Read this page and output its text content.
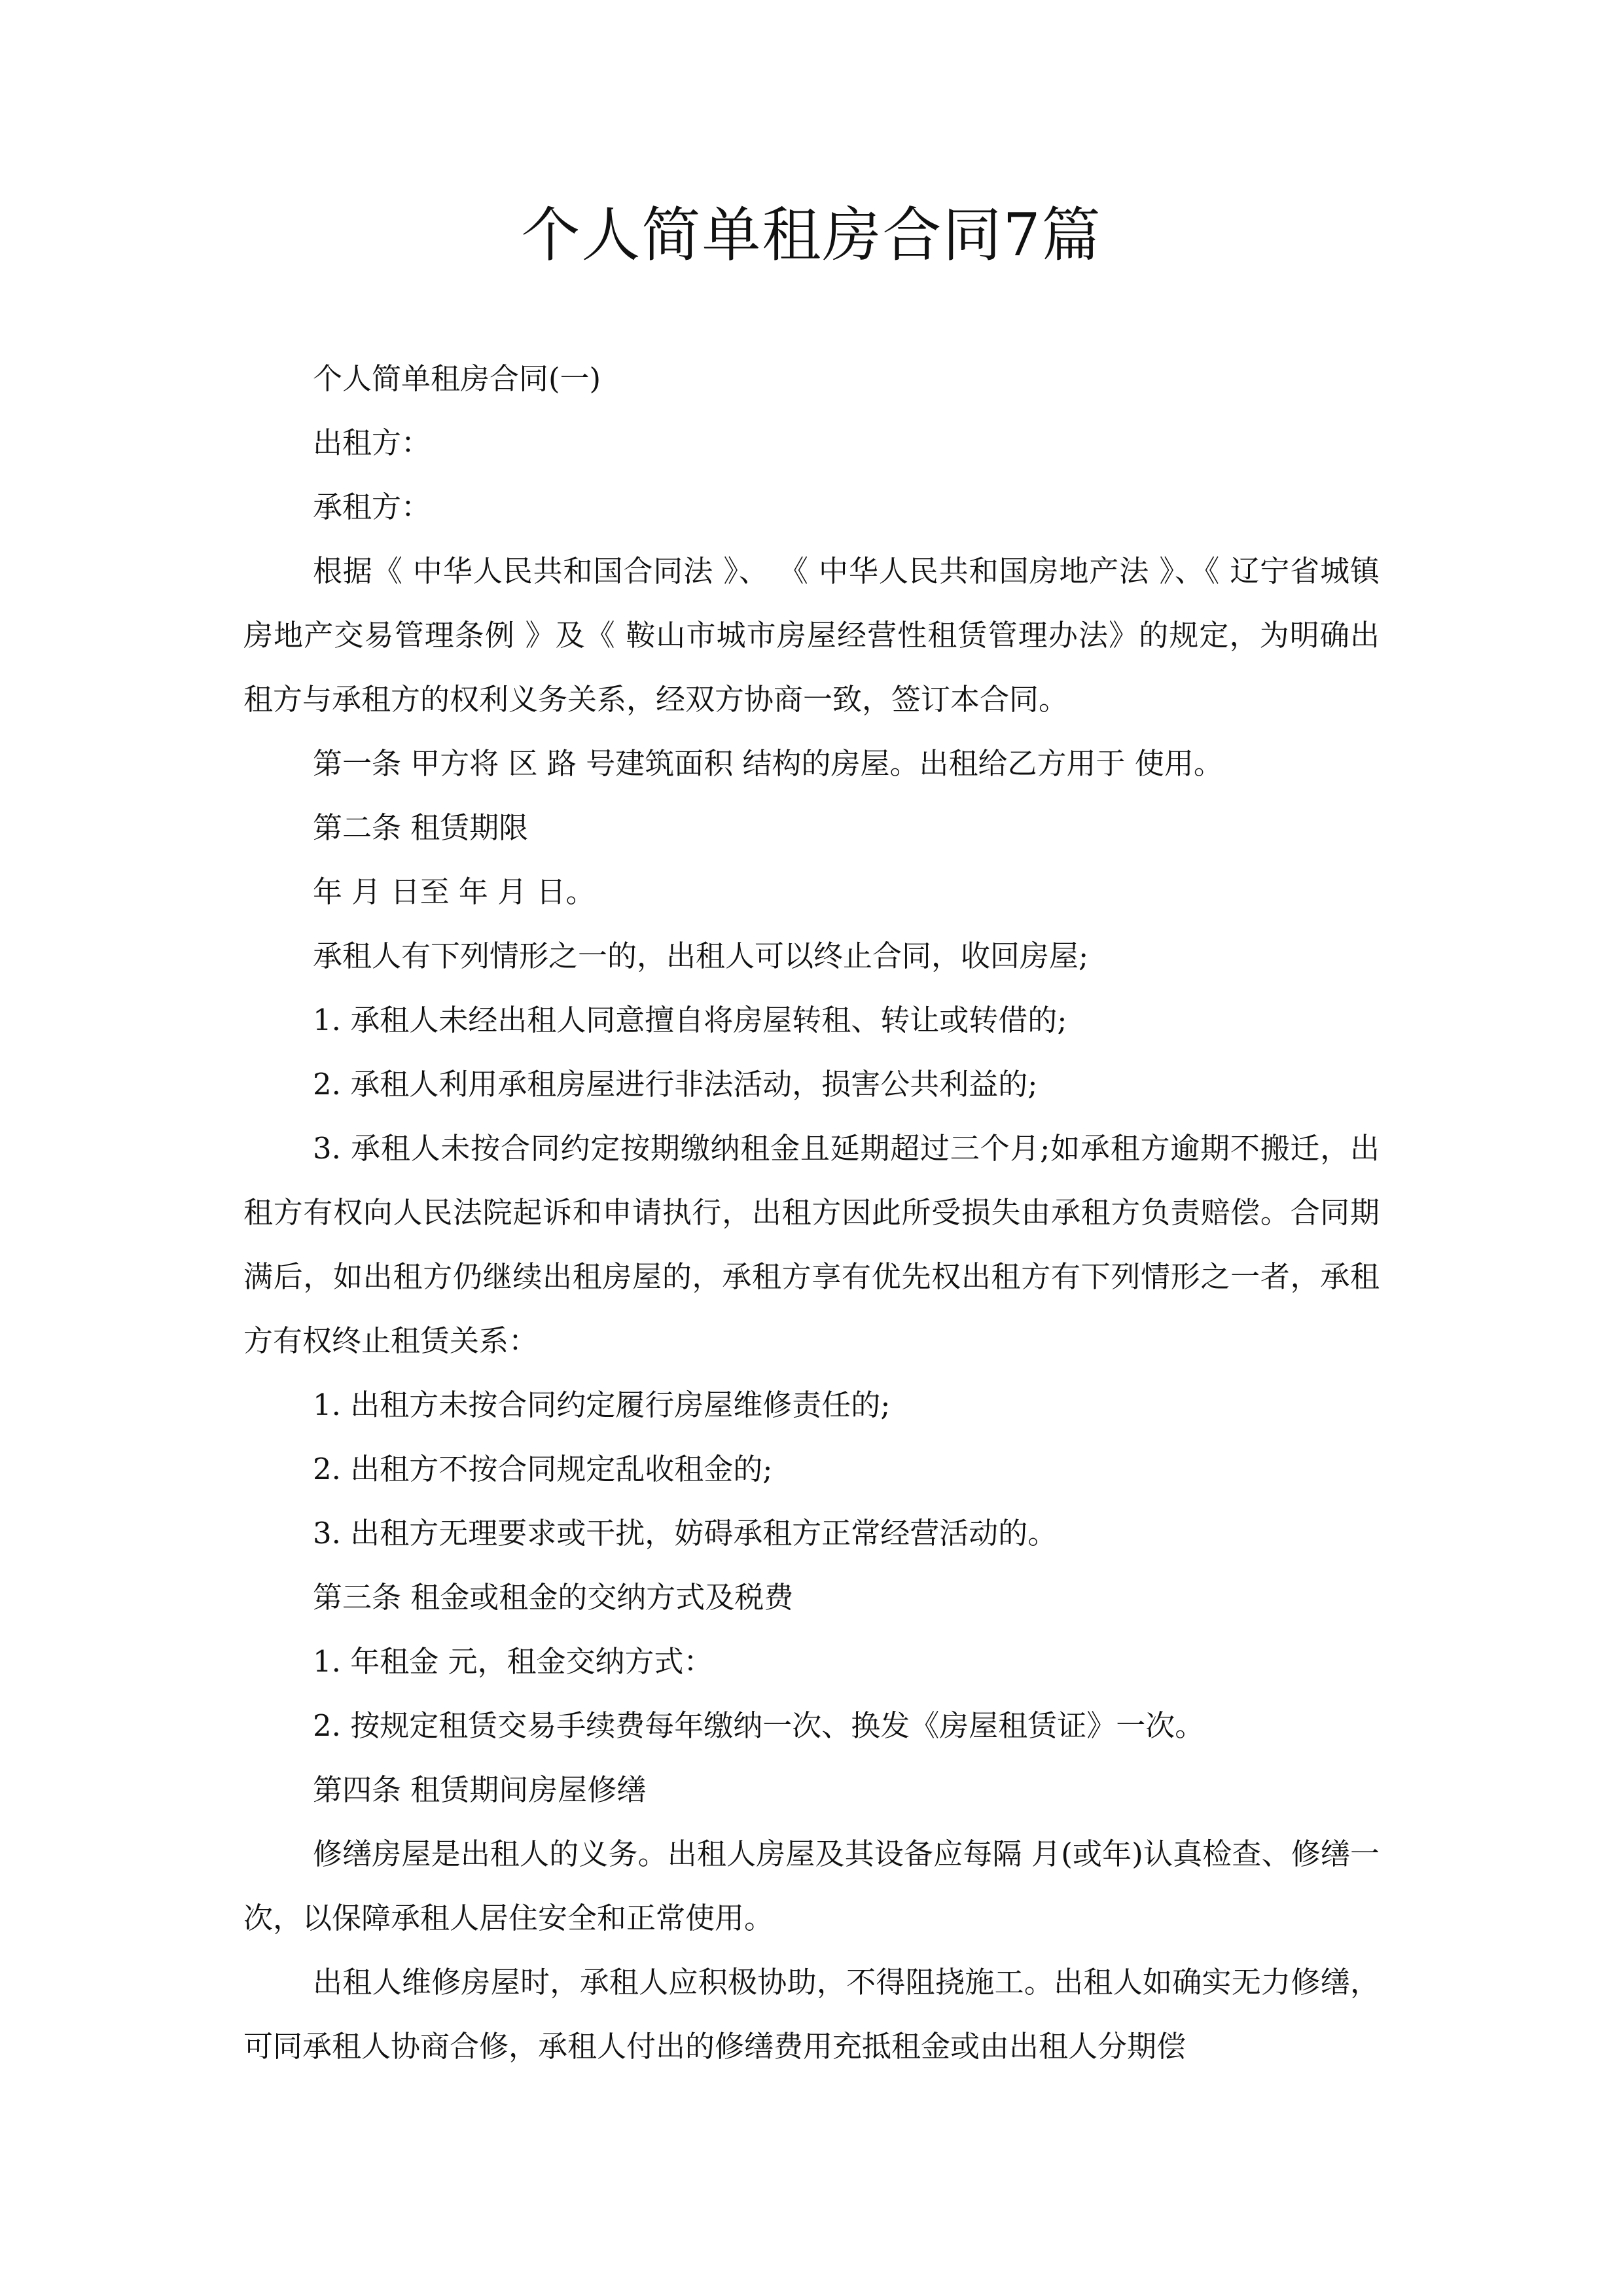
个人简单租房合同7篇

个人简单租房合同(一)

出租方：

承租方：

根据《 中华人民共和国合同法 》、 《 中华人民共和国房地产法 》、《 辽宁省城镇房地产交易管理条例 》及《 鞍山市城市房屋经营性租赁管理办法》的规定，为明确出租方与承租方的权利义务关系，经双方协商一致，签订本合同。

第一条 甲方将 区 路 号建筑面积 结构的房屋。出租给乙方用于 使用。

第二条 租赁期限

年 月 日至 年 月 日。

承租人有下列情形之一的，出租人可以终止合同，收回房屋;

1. 承租人未经出租人同意擅自将房屋转租、转让或转借的;

2. 承租人利用承租房屋进行非法活动，损害公共利益的;

3. 承租人未按合同约定按期缴纳租金且延期超过三个月;如承租方逾期不搬迁，出租方有权向人民法院起诉和申请执行，出租方因此所受损失由承租方负责赔偿。合同期满后，如出租方仍继续出租房屋的，承租方享有优先权出租方有下列情形之一者，承租方有权终止租赁关系：

1. 出租方未按合同约定履行房屋维修责任的;

2. 出租方不按合同规定乱收租金的;

3. 出租方无理要求或干扰，妨碍承租方正常经营活动的。

第三条 租金或租金的交纳方式及税费

1. 年租金 元，租金交纳方式：

2. 按规定租赁交易手续费每年缴纳一次、换发《房屋租赁证》一次。

第四条 租赁期间房屋修缮

修缮房屋是出租人的义务。出租人房屋及其设备应每隔 月(或年)认真检查、修缮一次，以保障承租人居住安全和正常使用。

出租人维修房屋时，承租人应积极协助，不得阻挠施工。出租人如确实无力修缮，可同承租人协商合修，承租人付出的修缮费用充抵租金或由出租人分期偿
